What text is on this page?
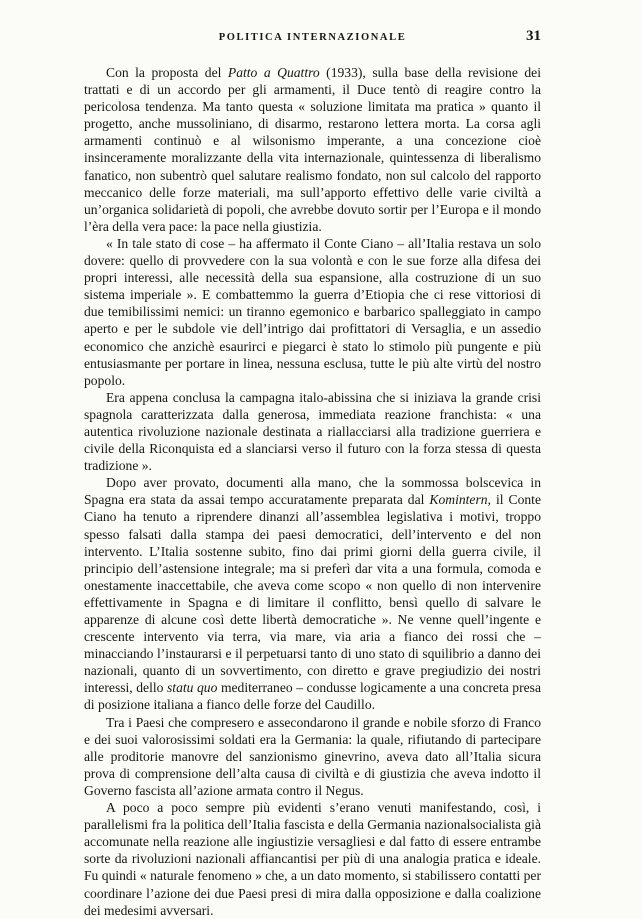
POLITICA INTERNAZIONALE	31

Con la proposta del Patto a Quattro (1933), sulla base della revisione dei trattati e di un accordo per gli armamenti, il Duce tentò di reagire contro la pericolosa tendenza. Ma tanto questa « soluzione limitata ma pratica » quanto il progetto, anche mussoliniano, di disarmo, restarono lettera morta. La corsa agli armamenti continuò e al wilsonismo imperante, a una concezione cioè insinceramente moralizzante della vita internazionale, quintessenza di liberalismo fanatico, non subentrò quel salutare realismo fondato, non sul calcolo del rapporto meccanico delle forze materiali, ma sull’apporto effettivo delle varie civiltà a un’organica solidarietà di popoli, che avrebbe dovuto sortir per l’Europa e il mondo l’èra della vera pace: la pace nella giustizia.

« In tale stato di cose – ha affermato il Conte Ciano – all’Italia restava un solo dovere: quello di provvedere con la sua volontà e con le sue forze alla difesa dei propri interessi, alle necessità della sua espansione, alla costruzione di un suo sistema imperiale ». E combattemmo la guerra d’Etiopia che ci rese vittoriosi di due temibilissimi nemici: un tiranno egemonico e barbarico spalleggiato in campo aperto e per le subdole vie dell’intrigo dai profittatori di Versaglia, e un assedio economico che anzichè esaurirci e piegarci è stato lo stimolo più pungente e più entusiasmante per portare in linea, nessuna esclusa, tutte le più alte virtù del nostro popolo.

Era appena conclusa la campagna italo-abissina che si iniziava la grande crisi spagnola caratterizzata dalla generosa, immediata reazione franchista: « una autentica rivoluzione nazionale destinata a riallacciarsi alla tradizione guerriera e civile della Riconquista ed a slanciarsi verso il futuro con la forza stessa di questa tradizione ».

Dopo aver provato, documenti alla mano, che la sommossa bolscevica in Spagna era stata da assai tempo accuratamente preparata dal Komintern, il Conte Ciano ha tenuto a riprendere dinanzi all’assemblea legislativa i motivi, troppo spesso falsati dalla stampa dei paesi democratici, dell’intervento e del non intervento. L’Italia sostenne subito, fino dai primi giorni della guerra civile, il principio dell’astensione integrale; ma si preferì dar vita a una formula, comoda e onestamente inaccettabile, che aveva come scopo « non quello di non intervenire effettivamente in Spagna e di limitare il conflitto, bensì quello di salvare le apparenze di alcune così dette libertà democratiche ». Ne venne quell’ingente e crescente intervento via terra, via mare, via aria a fianco dei rossi che – minacciando l’instaurarsi e il perpetuarsi tanto di uno stato di squilibrio a danno dei nazionali, quanto di un sovvertimento, con diretto e grave pregiudizio dei nostri interessi, dello statu quo mediterraneo – condusse logicamente a una concreta presa di posizione italiana a fianco delle forze del Caudillo.

Tra i Paesi che compresero e assecondarono il grande e nobile sforzo di Franco e dei suoi valorosissimi soldati era la Germania: la quale, rifiutando di partecipare alle proditorie manovre del sanzionismo ginevrino, aveva dato all’Italia sicura prova di comprensione dell’alta causa di civiltà e di giustizia che aveva indotto il Governo fascista all’azione armata contro il Negus.

A poco a poco sempre più evidenti s’erano venuti manifestando, così, i parallelismi fra la politica dell’Italia fascista e della Germania nazionalsocialista già accomunate nella reazione alle ingiustizie versagliesi e dal fatto di essere entrambe sorte da rivoluzioni nazionali affiancantisi per più di una analogia pratica e ideale. Fu quindi « naturale fenomeno » che, a un dato momento, si stabilissero contatti per coordinare l’azione dei due Paesi presi di mira dalla opposizione e dalla coalizione dei medesimi avversari.
